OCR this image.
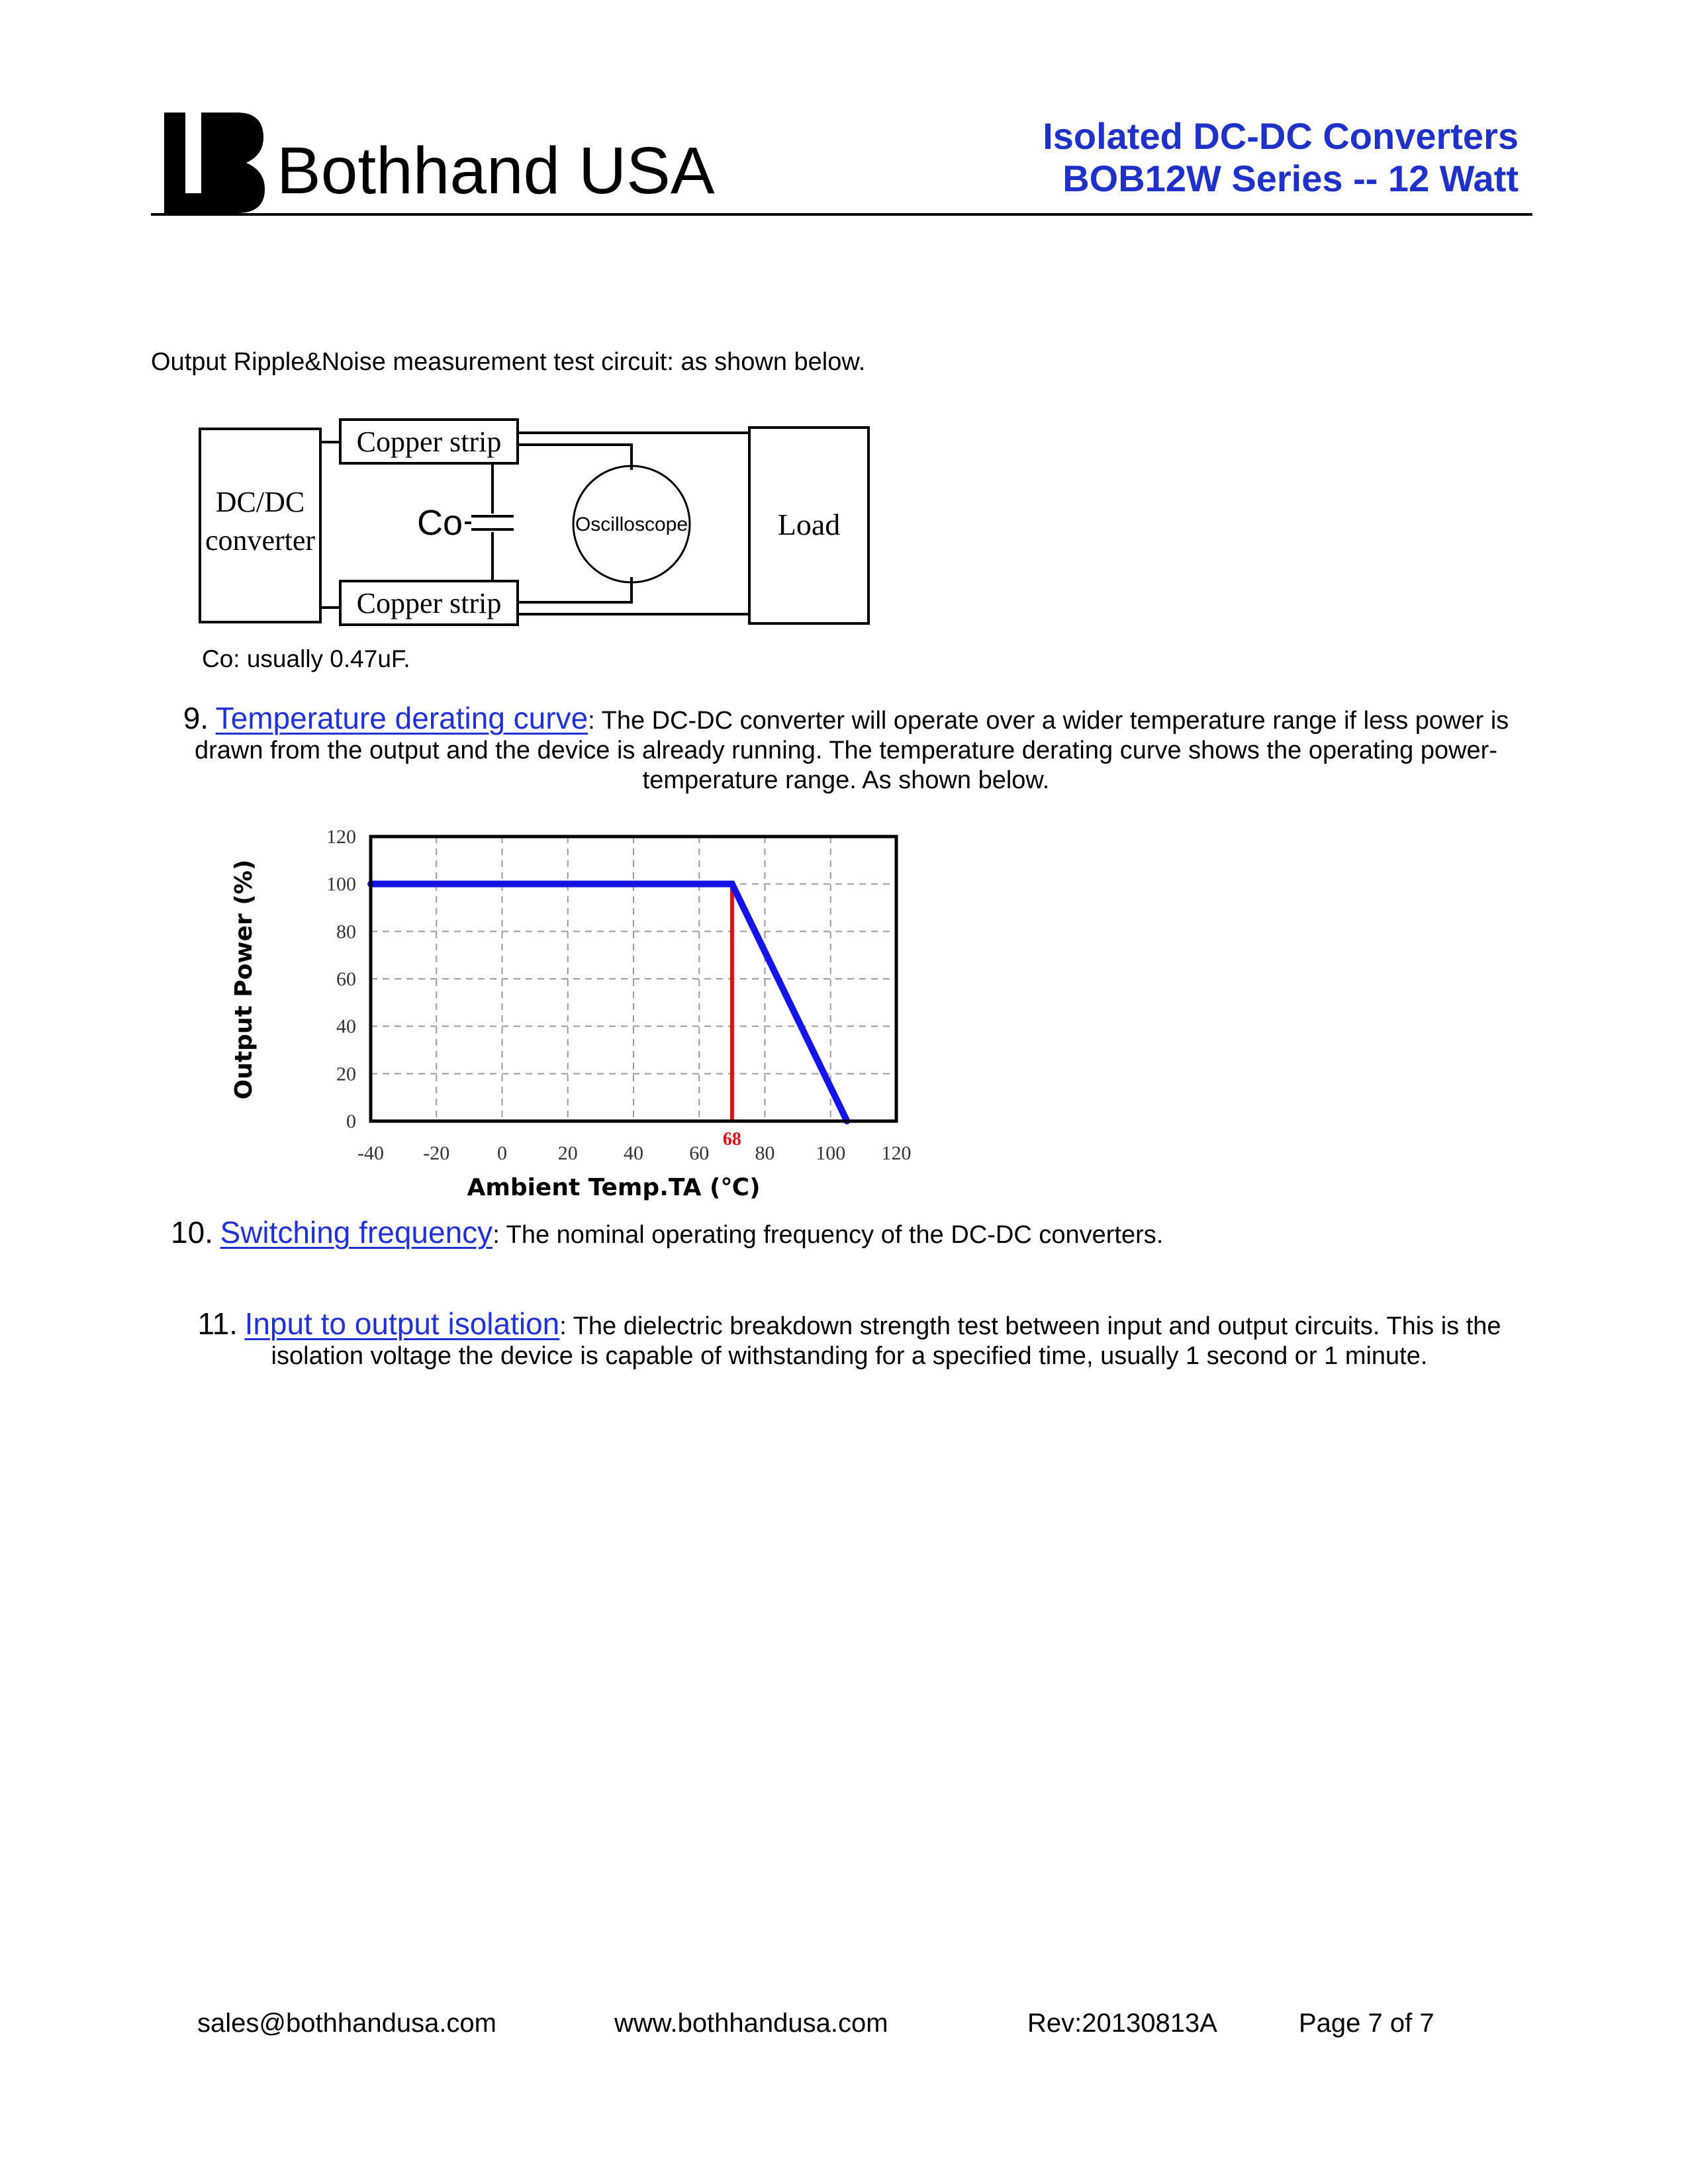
Bothhand USA	Isolated DC-DC Converters
BOB12W Series -- 12 Watt
Output Ripple&Noise measurement test circuit: as shown below.
DC/DC
converter
Copper strip
Copper strip
Co	Oscilloscope	Load
Co: usually 0.47uF.
9. Temperature derating curve: The DC-DC converter will operate over a wider temperature range if less power is drawn from the output and the device is already running. The temperature derating curve shows the operating power-temperature range. As shown below.
-40 -20 0	20 40 60 80 100 120
0
20
40
60
80
100
120
68
Output Power (%)
Ambient Temp.TA (℃)
10. Switching frequency: The nominal operating frequency of the DC-DC converters.
11. Input to output isolation: The dielectric breakdown strength test between input and output circuits. This is the isolation voltage the device is capable of withstanding for a specified time, usually 1 second or 1 minute.
sales@bothhandusa.com	www.bothhandusa.com	Rev:20130813A	Page 7 of 7
